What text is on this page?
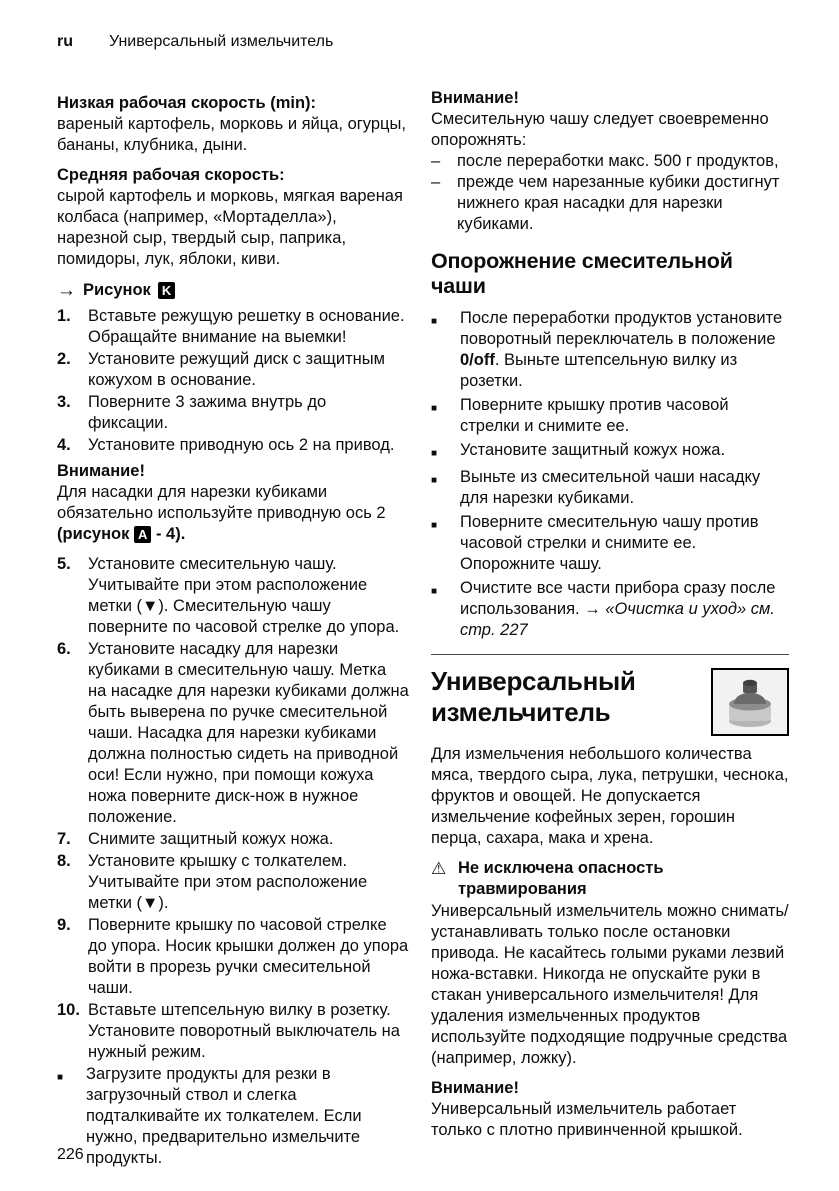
ru Универсальный измельчитель

Низкая рабочая скорость (min):

вареный картофель, морковь и яйца, огурцы, бананы, клубника, дыни.

Средняя рабочая скорость:

сырой картофель и морковь, мягкая вареная колбаса (например, «Мортаделла»), нарезной сыр, твердый сыр, паприка, помидоры, лук, яблоки, киви.

→ Рисунок K
1.	Вставьте режущую решетку в основание. Обращайте внимание на выемки!
2.	Установите режущий диск с защитным кожухом в основание.
3.	Поверните 3 зажима внутрь до фиксации.
4.	Установите приводную ось 2 на привод.

Внимание!

Для насадки для нарезки кубиками обязательно используйте приводную ось 2 (рисунок A - 4).

5.	Установите смесительную чашу. Учитывайте при этом расположение метки (▼). Смесительную чашу поверните по часовой стрелке до упора.
6.	Установите насадку для нарезки кубиками в смесительную чашу. Метка на насадке для нарезки кубиками должна быть выверена по ручке смесительной чаши. Насадка для нарезки кубиками должна полностью сидеть на приводной оси! Если нужно, при помощи кожуха ножа поверните диск-нож в нужное положение.
7.	Снимите защитный кожух ножа.
8.	Установите крышку с толкателем. Учитывайте при этом расположение метки (▼).
9.	Поверните крышку по часовой стрелке до упора. Носик крышки должен до упора войти в прорезь ручки смесительной чаши.
10. Вставьте штепсельную вилку в розетку. Установите поворотный выключатель на нужный режим.
■	Загрузите продукты для резки в загрузочный ствол и слегка подталкивайте их толкателем. Если нужно, предварительно измельчите продукты.

Внимание!

Смесительную чашу следует своевременно опорожнять:

–	после переработки макс. 500 г продуктов,
–	прежде чем нарезанные кубики достигнут нижнего края насадки для нарезки кубиками.
Опорожнение смесительной чаши
■	После переработки продуктов установите поворотный переключатель в положение 0/off. Выньте штепсельную вилку из розетки.
■	Поверните крышку против часовой стрелки и снимите ее.
■	Установите защитный кожух ножа.
■	Выньте из смесительной чаши насадку для нарезки кубиками.
■	Поверните смесительную чашу против часовой стрелки и снимите ее. Опорожните чашу.
■	Очистите все части прибора сразу после использования. → «Очистка и уход» см. стр. 227
Универсальный
измельчитель

Для измельчения небольшого количества мяса, твердого сыра, лука, петрушки, чеснока, фруктов и овощей. Не допускается измельчение кофейных зерен, горошин перца, сахара, мака и хрена.

⚠ Не исключена опасность травмирования

Универсальный измельчитель можно снимать/устанавливать только после остановки привода. Не касайтесь голыми руками лезвий ножа-вставки. Никогда не опускайте руки в стакан универсального измельчителя! Для удаления измельченных продуктов используйте подходящие подручные средства (например, ложку).

Внимание!

Универсальный измельчитель работает только с плотно привинченной крышкой.

226
